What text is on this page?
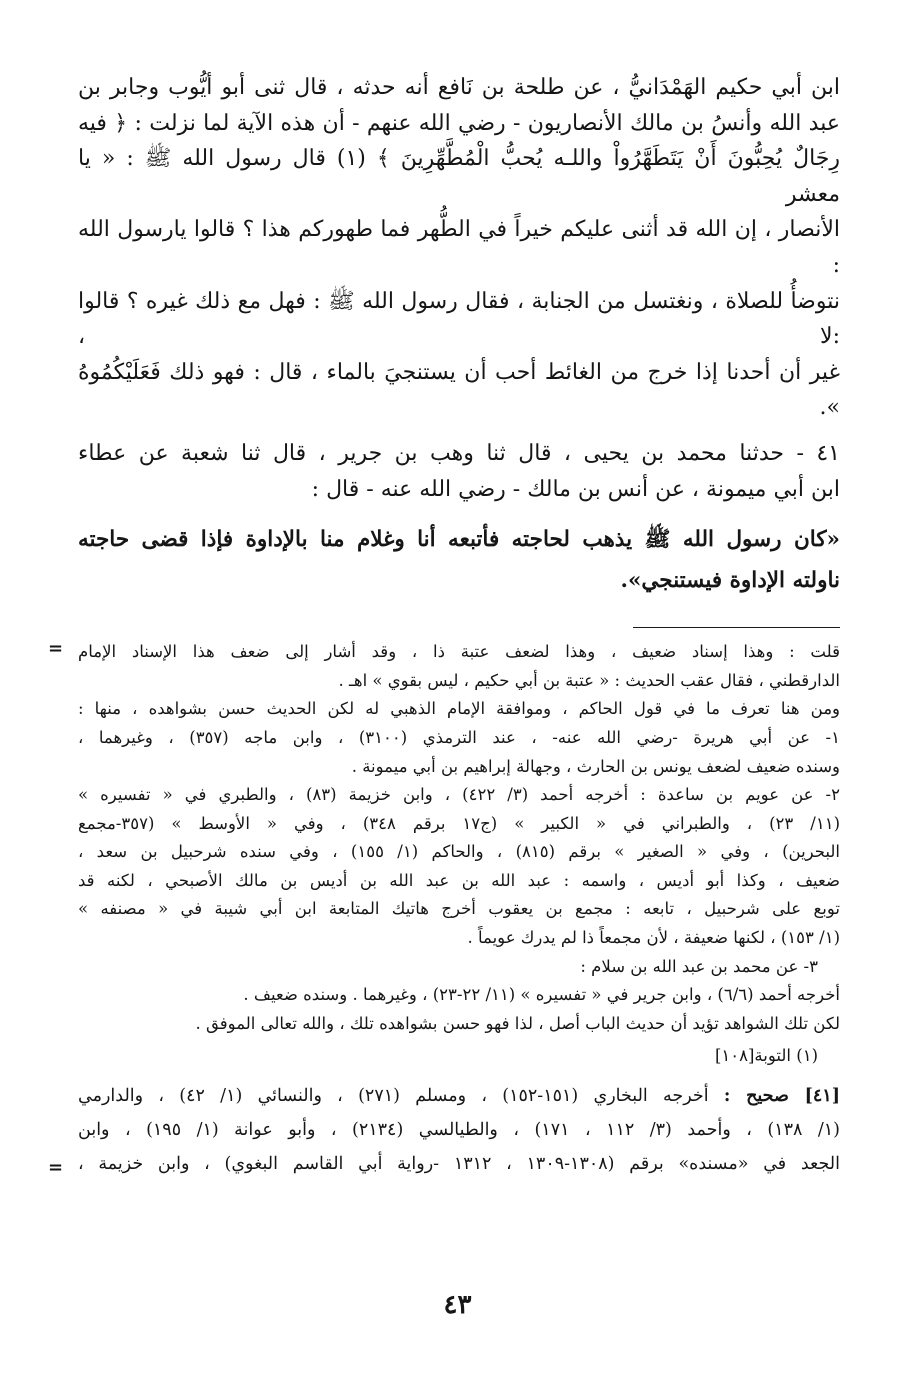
ابن أبي حكيم الهَمْدَانيُّ ، عن طلحة بن نَافع أنه حدثه ، قال ثنى أبو أيُّوب وجابر بن

عبد الله وأنسُ بن مالك الأنصاريون - رضي الله عنهم - أن هذه الآية لما نزلت : ﴿ فيه

رِجَالٌ يُحِبُّونَ أَنْ يَتَطَهَّرُواْ واللـه يُحبُّ الْمُطَّهِّرِينَ ﴾ (١) قال رسول الله ﷺ : « يا معشر

الأنصار ، إن الله قد أثنى عليكم خيراً في الطُّهر فما طهوركم هذا ؟ قالوا يارسول الله :

نتوضأُ للصلاة ، ونغتسل من الجنابة ، فقال رسول الله ﷺ : فهل مع ذلك غيره ؟ قالوا :لا ،

غير أن أحدنا إذا خرج من الغائط أحب أن يستنجيَ بالماء ، قال : فهو ذلك فَعَلَيْكُمُوهُ ».

٤١ - حدثنا محمد بن يحيى ، قال ثنا وهب بن جرير ، قال ثنا شعبة عن عطاء

ابن أبي ميمونة ، عن أنس بن مالك - رضي الله عنه - قال :

«كان رسول الله ﷺ يذهب لحاجته فأتبعه أنا وغلام منا بالإداوة فإذا قضى حاجته

ناولته الإداوة فيستنجي».

= قلت : وهذا إسناد ضعيف ، وهذا لضعف عتبة ذا ، وقد أشار إلى ضعف هذا الإسناد الإمام

الدارقطني ، فقال عقب الحديث : « عتبة بن أبي حكيم ، ليس بقوي » اهـ .

ومن هنا تعرف ما في قول الحاكم ، وموافقة الإمام الذهبي له لكن الحديث حسن بشواهده ، منها :

١- عن أبي هريرة -رضي الله عنه- ، عند الترمذي (٣١٠٠) ، وابن ماجه (٣٥٧) ، وغيرهما ،

وسنده ضعيف لضعف يونس بن الحارث ، وجهالة إبراهيم بن أبي ميمونة .

٢- عن عويم بن ساعدة : أخرجه أحمد (٣/ ٤٢٢) ، وابن خزيمة (٨٣) ، والطبري في « تفسيره »

(١١/ ٢٣) ، والطبراني في « الكبير » (ج١٧ برقم ٣٤٨) ، وفي « الأوسط » (٣٥٧-مجمع

البحرين) ، وفي « الصغير » برقم (٨١٥) ، والحاكم (١/ ١٥٥) ، وفي سنده شرحبيل بن سعد ،

ضعيف ، وكذا أبو أديس ، واسمه : عبد الله بن عبد الله بن أديس بن مالك الأصبحي ، لكنه قد

توبع على شرحبيل ، تابعه : مجمع بن يعقوب أخرج هاتيك المتابعة ابن أبي شيبة في « مصنفه »

(١/ ١٥٣) ، لكنها ضعيفة ، لأن مجمعاً ذا لم يدرك عويماً .

٣- عن محمد بن عبد الله بن سلام :

أخرجه أحمد (٦/٦) ، وابن جرير في « تفسيره » (١١/ ٢٢-٢٣) ، وغيرهما . وسنده ضعيف .

لكن تلك الشواهد تؤيد أن حديث الباب أصل ، لذا فهو حسن بشواهده تلك ، والله تعالى الموفق .

(١) التوبة[١٠٨]

[٤١] صحيح : أخرجه البخاري (١٥١-١٥٢) ، ومسلم (٢٧١) ، والنسائي (١/ ٤٢) ، والدارمي

(١/ ١٣٨) ، وأحمد (٣/ ١١٢ ، ١٧١) ، والطيالسي (٢١٣٤) ، وأبو عوانة (١/ ١٩٥) ، وابن

الجعد في «مسنده» برقم (١٣٠٨-١٣٠٩ ، ١٣١٢ -رواية أبي القاسم البغوي) ، وابن خزيمة ،
=

٤٣
